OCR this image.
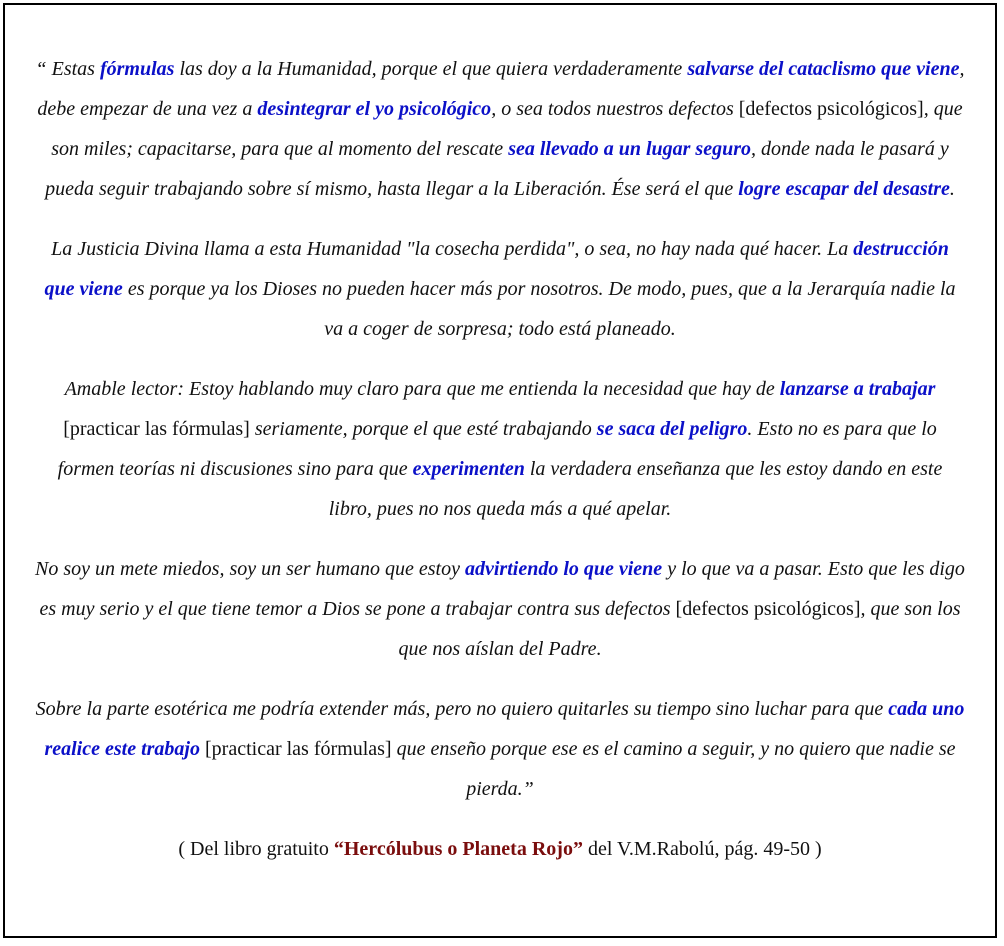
“ Estas fórmulas las doy a la Humanidad, porque el que quiera verdaderamente salvarse del cataclismo que viene, debe empezar de una vez a desintegrar el yo psicológico, o sea todos nuestros defectos [defectos psicológicos], que son miles; capacitarse, para que al momento del rescate sea llevado a un lugar seguro, donde nada le pasará y pueda seguir trabajando sobre sí mismo, hasta llegar a la Liberación. Ése será el que logre escapar del desastre.

La Justicia Divina llama a esta Humanidad "la cosecha perdida", o sea, no hay nada qué hacer. La destrucción que viene es porque ya los Dioses no pueden hacer más por nosotros. De modo, pues, que a la Jerarquía nadie la va a coger de sorpresa; todo está planeado.

Amable lector: Estoy hablando muy claro para que me entienda la necesidad que hay de lanzarse a trabajar [practicar las fórmulas] seriamente, porque el que esté trabajando se saca del peligro. Esto no es para que lo formen teorías ni discusiones sino para que experimenten la verdadera enseñanza que les estoy dando en este libro, pues no nos queda más a qué apelar.

No soy un mete miedos, soy un ser humano que estoy advirtiendo lo que viene y lo que va a pasar. Esto que les digo es muy serio y el que tiene temor a Dios se pone a trabajar contra sus defectos [defectos psicológicos], que son los que nos aíslan del Padre.

Sobre la parte esotérica me podría extender más, pero no quiero quitarles su tiempo sino luchar para que cada uno realice este trabajo [practicar las fórmulas] que enseño porque ese es el camino a seguir, y no quiero que nadie se pierda.”

( Del libro gratuito “Hercólubus o Planeta Rojo” del V.M.Rabolú, pág. 49-50 )
